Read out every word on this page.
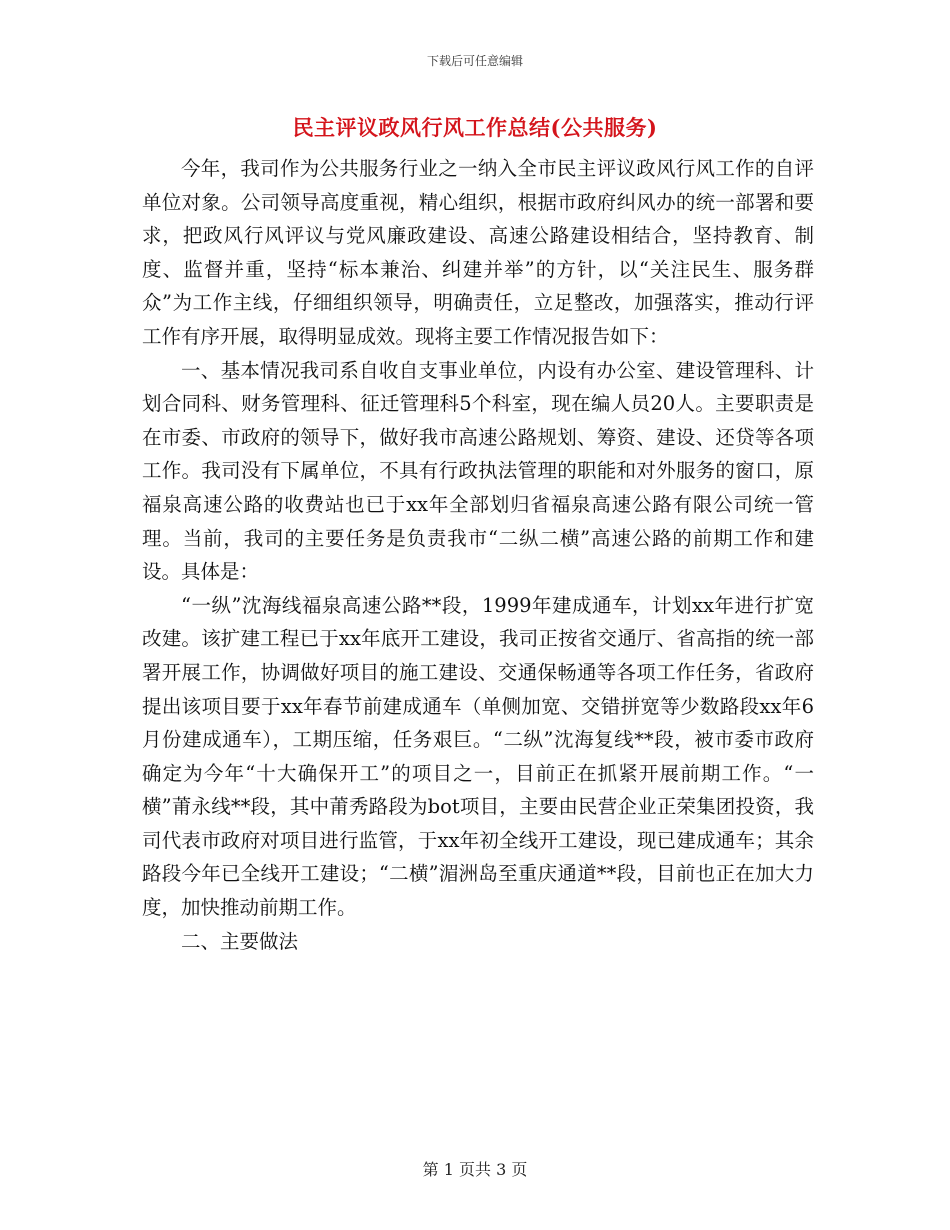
下载后可任意编辑
民主评议政风行风工作总结(公共服务)

今年，我司作为公共服务行业之一纳入全市民主评议政风行风工作的自评单位对象。公司领导高度重视，精心组织，根据市政府纠风办的统一部署和要求，把政风行风评议与党风廉政建设、高速公路建设相结合，坚持教育、制度、监督并重，坚持“标本兼治、纠建并举”的方针，以“关注民生、服务群众”为工作主线，仔细组织领导，明确责任，立足整改，加强落实，推动行评工作有序开展，取得明显成效。现将主要工作情况报告如下：

一、基本情况我司系自收自支事业单位，内设有办公室、建设管理科、计划合同科、财务管理科、征迁管理科5个科室，现在编人员20人。主要职责是在市委、市政府的领导下，做好我市高速公路规划、筹资、建设、还贷等各项工作。我司没有下属单位，不具有行政执法管理的职能和对外服务的窗口，原福泉高速公路的收费站也已于xx年全部划归省福泉高速公路有限公司统一管理。当前，我司的主要任务是负责我市“二纵二横”高速公路的前期工作和建设。具体是：

“一纵”沈海线福泉高速公路**段，1999年建成通车，计划xx年进行扩宽改建。该扩建工程已于xx年底开工建设，我司正按省交通厅、省高指的统一部署开展工作，协调做好项目的施工建设、交通保畅通等各项工作任务，省政府提出该项目要于xx年春节前建成通车（单侧加宽、交错拼宽等少数路段xx年6月份建成通车），工期压缩，任务艰巨。“二纵”沈海复线**段，被市委市政府确定为今年“十大确保开工”的项目之一，目前正在抓紧开展前期工作。“一横”莆永线**段，其中莆秀路段为bot项目，主要由民营企业正荣集团投资，我司代表市政府对项目进行监管，于xx年初全线开工建设，现已建成通车；其余路段今年已全线开工建设；“二横”湄洲岛至重庆通道**段，目前也正在加大力度，加快推动前期工作。

二、主要做法

第 1 页共 3 页
